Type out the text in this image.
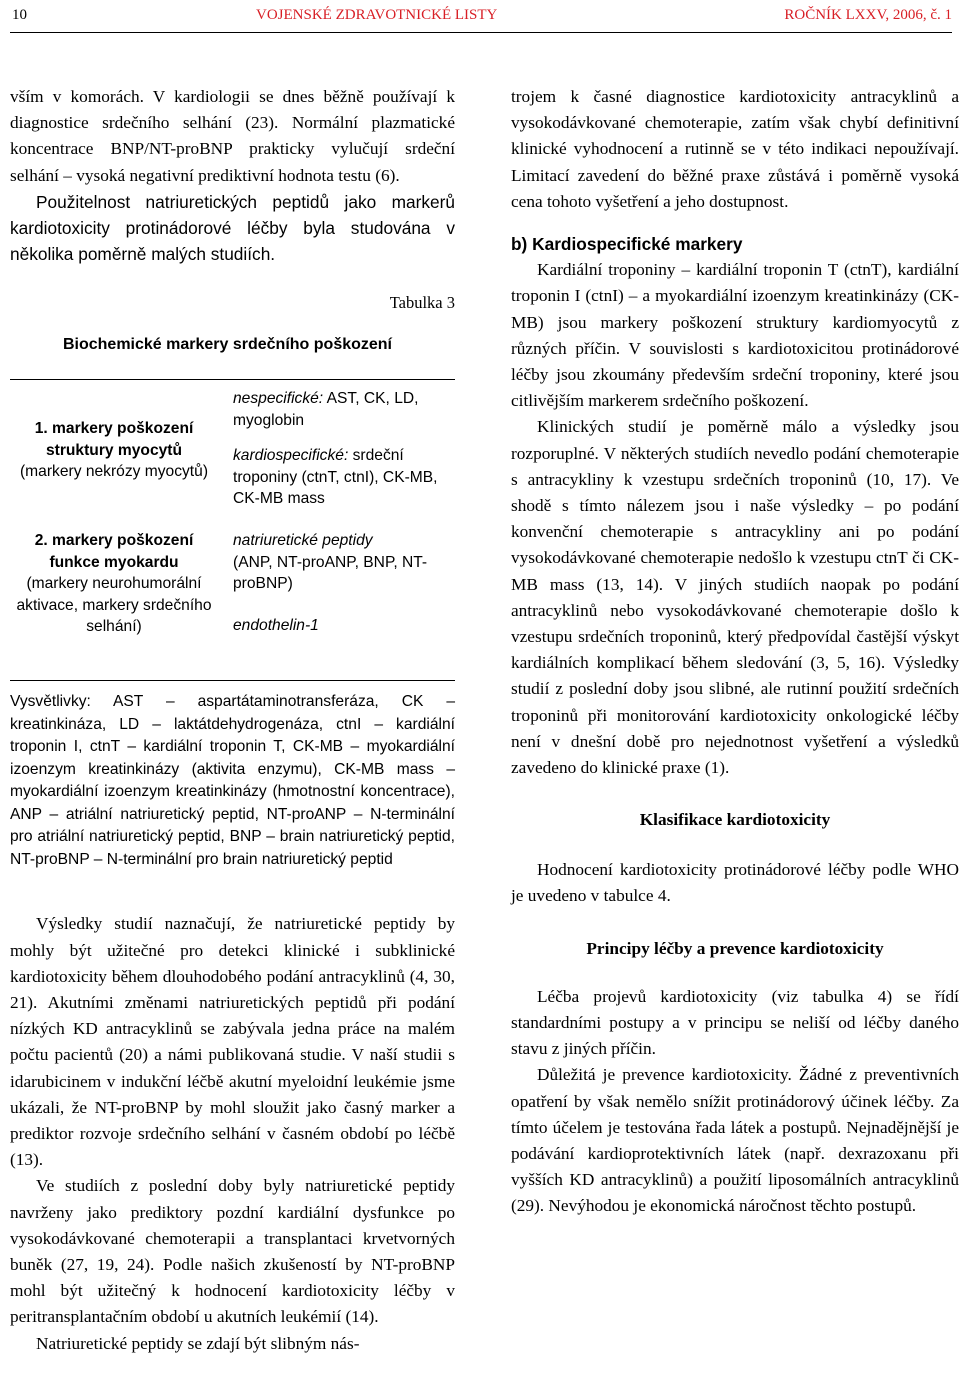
10	VOJENSKÉ ZDRAVOTNICKÉ LISTY	ROČNÍK LXXV, 2006, č. 1

vším v komorách. V kardiologii se dnes běžně používají k diagnostice srdečního selhání (23). Normální plazmatické koncentrace BNP/NT-proBNP prakticky vylučují srdeční selhání – vysoká negativní prediktivní hodnota testu (6).

Použitelnost natriuretických peptidů jako markerů kardiotoxicity protinádorové léčby byla studována v několika poměrně malých studiích.

Tabulka 3
Biochemické markery srdečního poškození
1. markery poškození struktury myocytů
(markery nekrózy myocytů)
2. markery poškození funkce myokardu
(markery neurohumorální aktivace, markery srdečního selhání)
nespecifické: AST, CK, LD, myoglobin
kardiospecifické: srdeční troponiny (ctnT, ctnI), CK-MB, CK-MB mass
natriuretické peptidy
(ANP, NT-proANP, BNP, NT-proBNP)
endothelin-1
Vysvětlivky: AST – aspartátaminotransferáza, CK – kreatinkináza, LD – laktátdehydrogenáza, ctnI – kardiální troponin I, ctnT – kardiální troponin T, CK-MB – myokardiální izoenzym kreatinkinázy (aktivita enzymu), CK-MB mass – myokardiální izoenzym kreatinkinázy (hmotnostní koncentrace), ANP – atriální natriuretický peptid, NT-proANP – N-terminální pro atriální natriuretický peptid, BNP – brain natriuretický peptid, NT-proBNP – N-terminální pro brain natriuretický peptid

Výsledky studií naznačují, že natriuretické peptidy by mohly být užitečné pro detekci klinické i subklinické kardiotoxicity během dlouhodobého podání antracyklinů (4, 30, 21). Akutními změnami natriuretických peptidů při podání nízkých KD antracyklinů se zabývala jedna práce na malém počtu pacientů (20) a námi publikovaná studie. V naší studii s idarubicinem v indukční léčbě akutní myeloidní leukémie jsme ukázali, že NT-proBNP by mohl sloužit jako časný marker a prediktor rozvoje srdečního selhání v časném období po léčbě (13).

Ve studiích z poslední doby byly natriuretické peptidy navrženy jako prediktory pozdní kardiální dysfunkce po vysokodávkované chemoterapii a transplantaci krvetvorných buněk (27, 19, 24). Podle našich zkušeností by NT-proBNP mohl být užitečný k hodnocení kardiotoxicity léčby v peritransplantačním období u akutních leukémií (14).

Natriuretické peptidy se zdají být slibným nás-

trojem k časné diagnostice kardiotoxicity antracyklinů a vysokodávkované chemoterapie, zatím však chybí definitivní klinické vyhodnocení a rutinně se v této indikaci nepoužívají. Limitací zavedení do běžné praxe zůstává i poměrně vysoká cena tohoto vyšetření a jeho dostupnost.

b) Kardiospecifické markery

Kardiální troponiny – kardiální troponin T (ctnT), kardiální troponin I (ctnI) – a myokardiální izoenzym kreatinkinázy (CK-MB) jsou markery poškození struktury kardiomyocytů z různých příčin. V souvislosti s kardiotoxicitou protinádorové léčby jsou zkoumány především srdeční troponiny, které jsou citlivějším markerem srdečního poškození.

Klinických studií je poměrně málo a výsledky jsou rozporuplné. V některých studiích nevedlo podání chemoterapie s antracykliny k vzestupu srdečních troponinů (10, 17). Ve shodě s tímto nálezem jsou i naše výsledky – po podání konvenční chemoterapie s antracykliny ani po podání vysokodávkované chemoterapie nedošlo k vzestupu ctnT či CK-MB mass (13, 14). V jiných studiích naopak po podání antracyklinů nebo vysokodávkované chemoterapie došlo k vzestupu srdečních troponinů, který předpovídal častější výskyt kardiálních komplikací během sledování (3, 5, 16). Výsledky studií z poslední doby jsou slibné, ale rutinní použití srdečních troponinů při monitorování kardiotoxicity onkologické léčby není v dnešní době pro nejednotnost vyšetření a výsledků zavedeno do klinické praxe (1).

Klasifikace kardiotoxicity

Hodnocení kardiotoxicity protinádorové léčby podle WHO je uvedeno v tabulce 4.

Principy léčby a prevence kardiotoxicity

Léčba projevů kardiotoxicity (viz tabulka 4) se řídí standardními postupy a v principu se neliší od léčby daného stavu z jiných příčin.

Důležitá je prevence kardiotoxicity. Žádné z preventivních opatření by však nemělo snížit protinádorový účinek léčby. Za tímto účelem je testována řada látek a postupů. Nejnadějnější je podávání kardioprotektivních látek (např. dexrazoxanu při vyšších KD antracyklinů) a použití liposomálních antracyklinů (29). Nevýhodou je ekonomická náročnost těchto postupů.
